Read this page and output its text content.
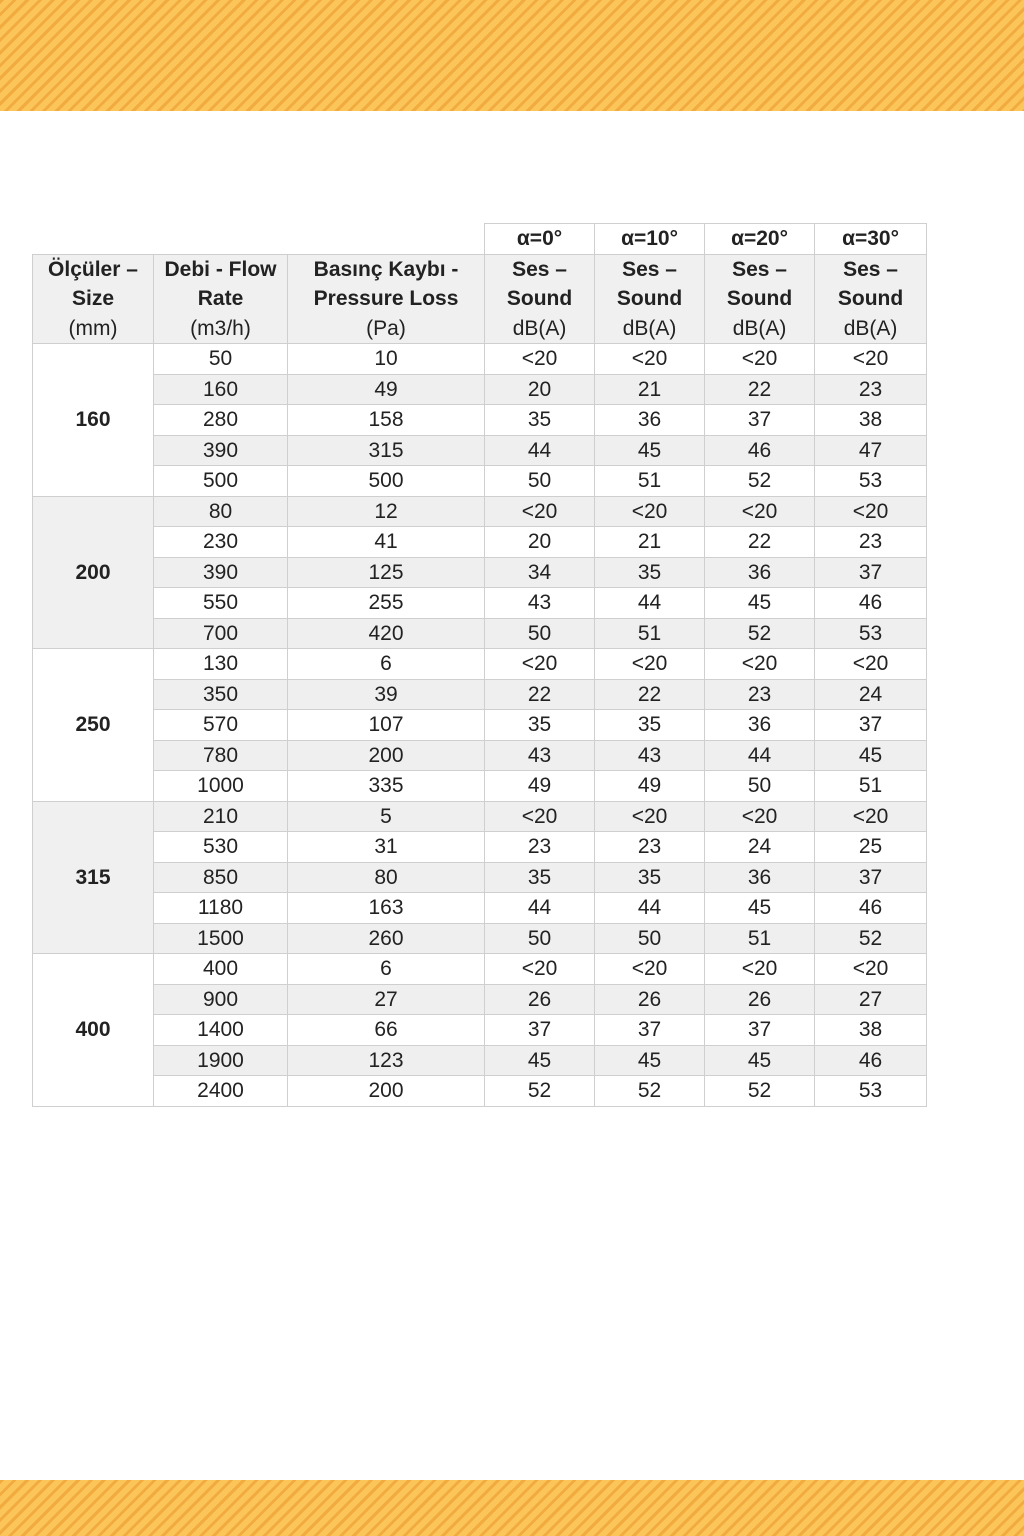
			α=0°	α=10°	α=20°	α=30°

Ölçüler –
Size
(mm)	Debi - Flow
Rate
(m3/h)	Basınç Kaybı -
Pressure Loss
(Pa)	Ses –
Sound
dB(A)	Ses –
Sound
dB(A)	Ses –
Sound
dB(A)	Ses –
Sound
dB(A)

160	50	10	<20	<20	<20	<20
	160	49	20	21	22	23
	280	158	35	36	37	38
	390	315	44	45	46	47
	500	500	50	51	52	53
200	80	12	<20	<20	<20	<20
	230	41	20	21	22	23
	390	125	34	35	36	37
	550	255	43	44	45	46
	700	420	50	51	52	53
250	130	6	<20	<20	<20	<20
	350	39	22	22	23	24
	570	107	35	35	36	37
	780	200	43	43	44	45
	1000	335	49	49	50	51
315	210	5	<20	<20	<20	<20
	530	31	23	23	24	25
	850	80	35	35	36	37
	1180	163	44	44	45	46
	1500	260	50	50	51	52
400	400	6	<20	<20	<20	<20
	900	27	26	26	26	27
	1400	66	37	37	37	38
	1900	123	45	45	45	46
	2400	200	52	52	52	53
